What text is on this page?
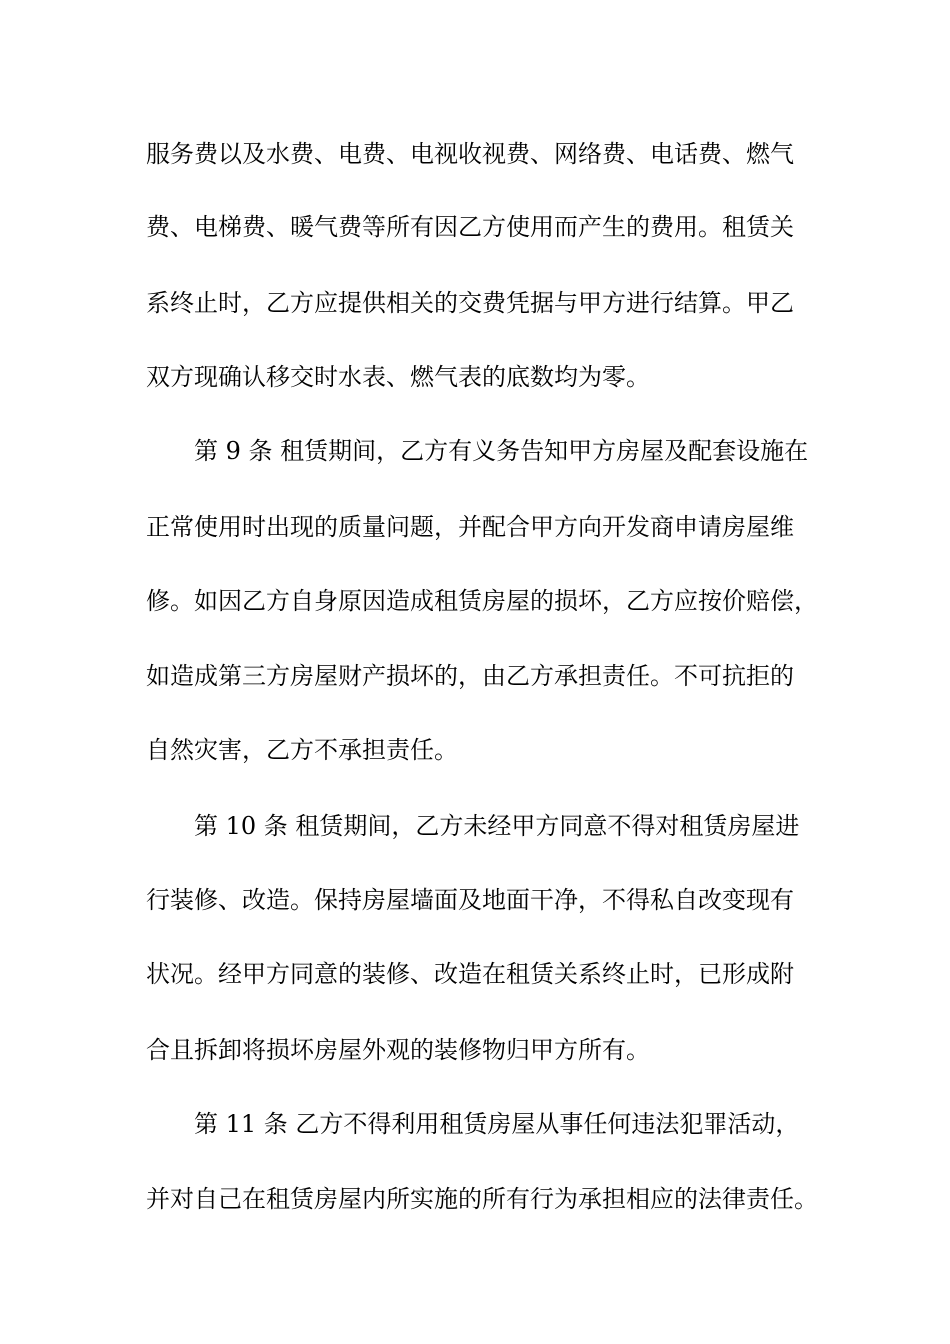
服务费以及水费、电费、电视收视费、网络费、电话费、燃气
费、电梯费、暖气费等所有因乙方使用而产生的费用。租赁关
系终止时，乙方应提供相关的交费凭据与甲方进行结算。甲乙
双方现确认移交时水表、燃气表的底数均为零。
第 9 条 租赁期间，乙方有义务告知甲方房屋及配套设施在
正常使用时出现的质量问题，并配合甲方向开发商申请房屋维
修。如因乙方自身原因造成租赁房屋的损坏，乙方应按价赔偿，
如造成第三方房屋财产损坏的，由乙方承担责任。不可抗拒的
自然灾害，乙方不承担责任。
第 10 条 租赁期间，乙方未经甲方同意不得对租赁房屋进
行装修、改造。保持房屋墙面及地面干净，不得私自改变现有
状况。经甲方同意的装修、改造在租赁关系终止时，已形成附
合且拆卸将损坏房屋外观的装修物归甲方所有。
第 11 条 乙方不得利用租赁房屋从事任何违法犯罪活动，
并对自己在租赁房屋内所实施的所有行为承担相应的法律责任。
